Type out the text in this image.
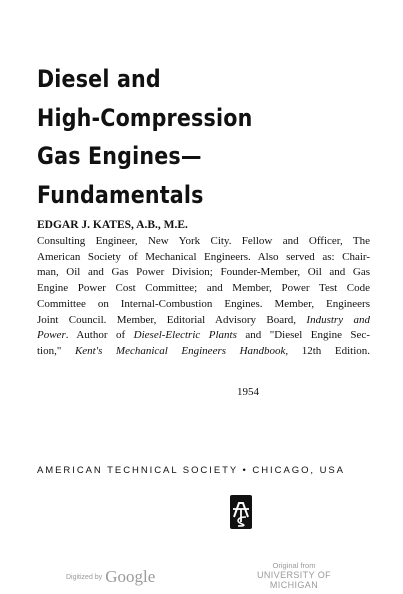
Diesel and
High-Compression
Gas Engines—
Fundamentals
EDGAR J. KATES, A.B., M.E.
Consulting Engineer, New York City. Fellow and Officer, The
American Society of Mechanical Engineers. Also served as: Chair-
man, Oil and Gas Power Division; Founder-Member, Oil and Gas
Engine Power Cost Committee; and Member, Power Test Code
Committee on Internal-Combustion Engines. Member, Engineers
Joint Council. Member, Editorial Advisory Board, Industry and
Power. Author of Diesel-Electric Plants and "Diesel Engine Sec-
tion," Kent's Mechanical Engineers Handbook, 12th Edition.
1954
AMERICAN TECHNICAL SOCIETY • CHICAGO, USA
Digitized by Google
Original from
UNIVERSITY OF MICHIGAN
